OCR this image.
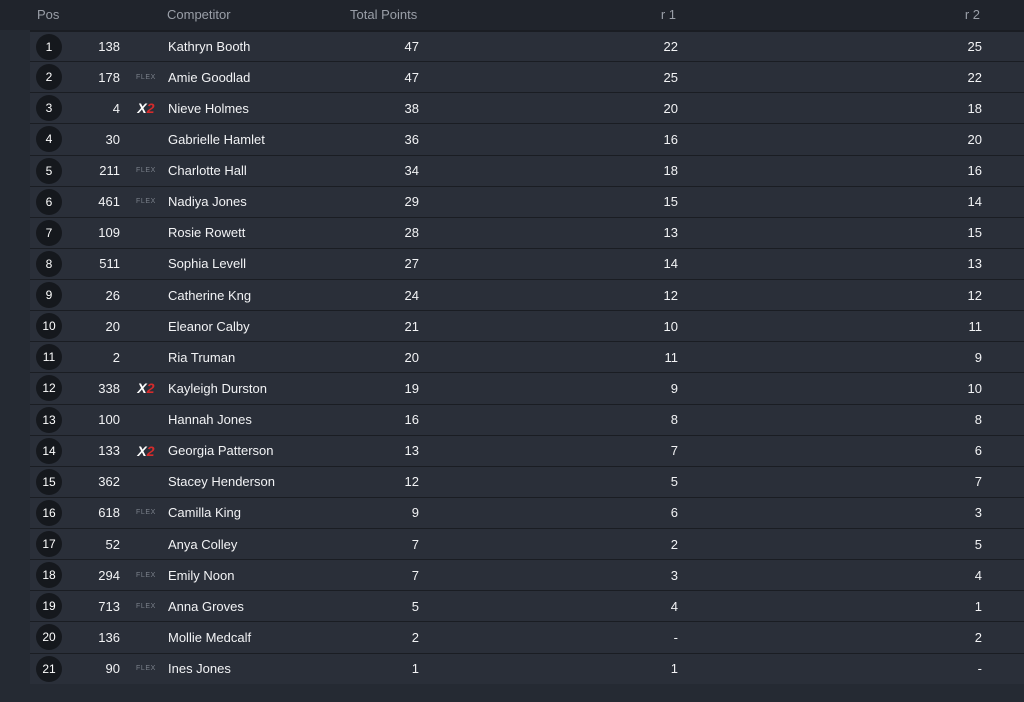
Pos	Competitor	Total Points	r 1	r 2
1	138	Kathryn Booth	47	22	25
2	178 FLEX Amie Goodlad	47	25	22
3	4 X2 Nieve Holmes	38	20	18
4	30	Gabrielle Hamlet	36	16	20
5	211 FLEX Charlotte Hall	34	18	16
6	461 FLEX Nadiya Jones	29	15	14
7	109	Rosie Rowett	28	13	15
8	511	Sophia Levell	27	14	13
9	26	Catherine Kng	24	12	12
10	20	Eleanor Calby	21	10	11
11	2	Ria Truman	20	11	9
12	338 X2 Kayleigh Durston	19	9	10
13	100	Hannah Jones	16	8	8
14	133 X2 Georgia Patterson	13	7	6
15	362	Stacey Henderson	12	5	7
16	618 FLEX Camilla King	9	6	3
17	52	Anya Colley	7	2	5
18	294 FLEX Emily Noon	7	3	4
19	713 FLEX Anna Groves	5	4	1
20	136	Mollie Medcalf	2	-	2
21	90 FLEX Ines Jones	1	1	-
